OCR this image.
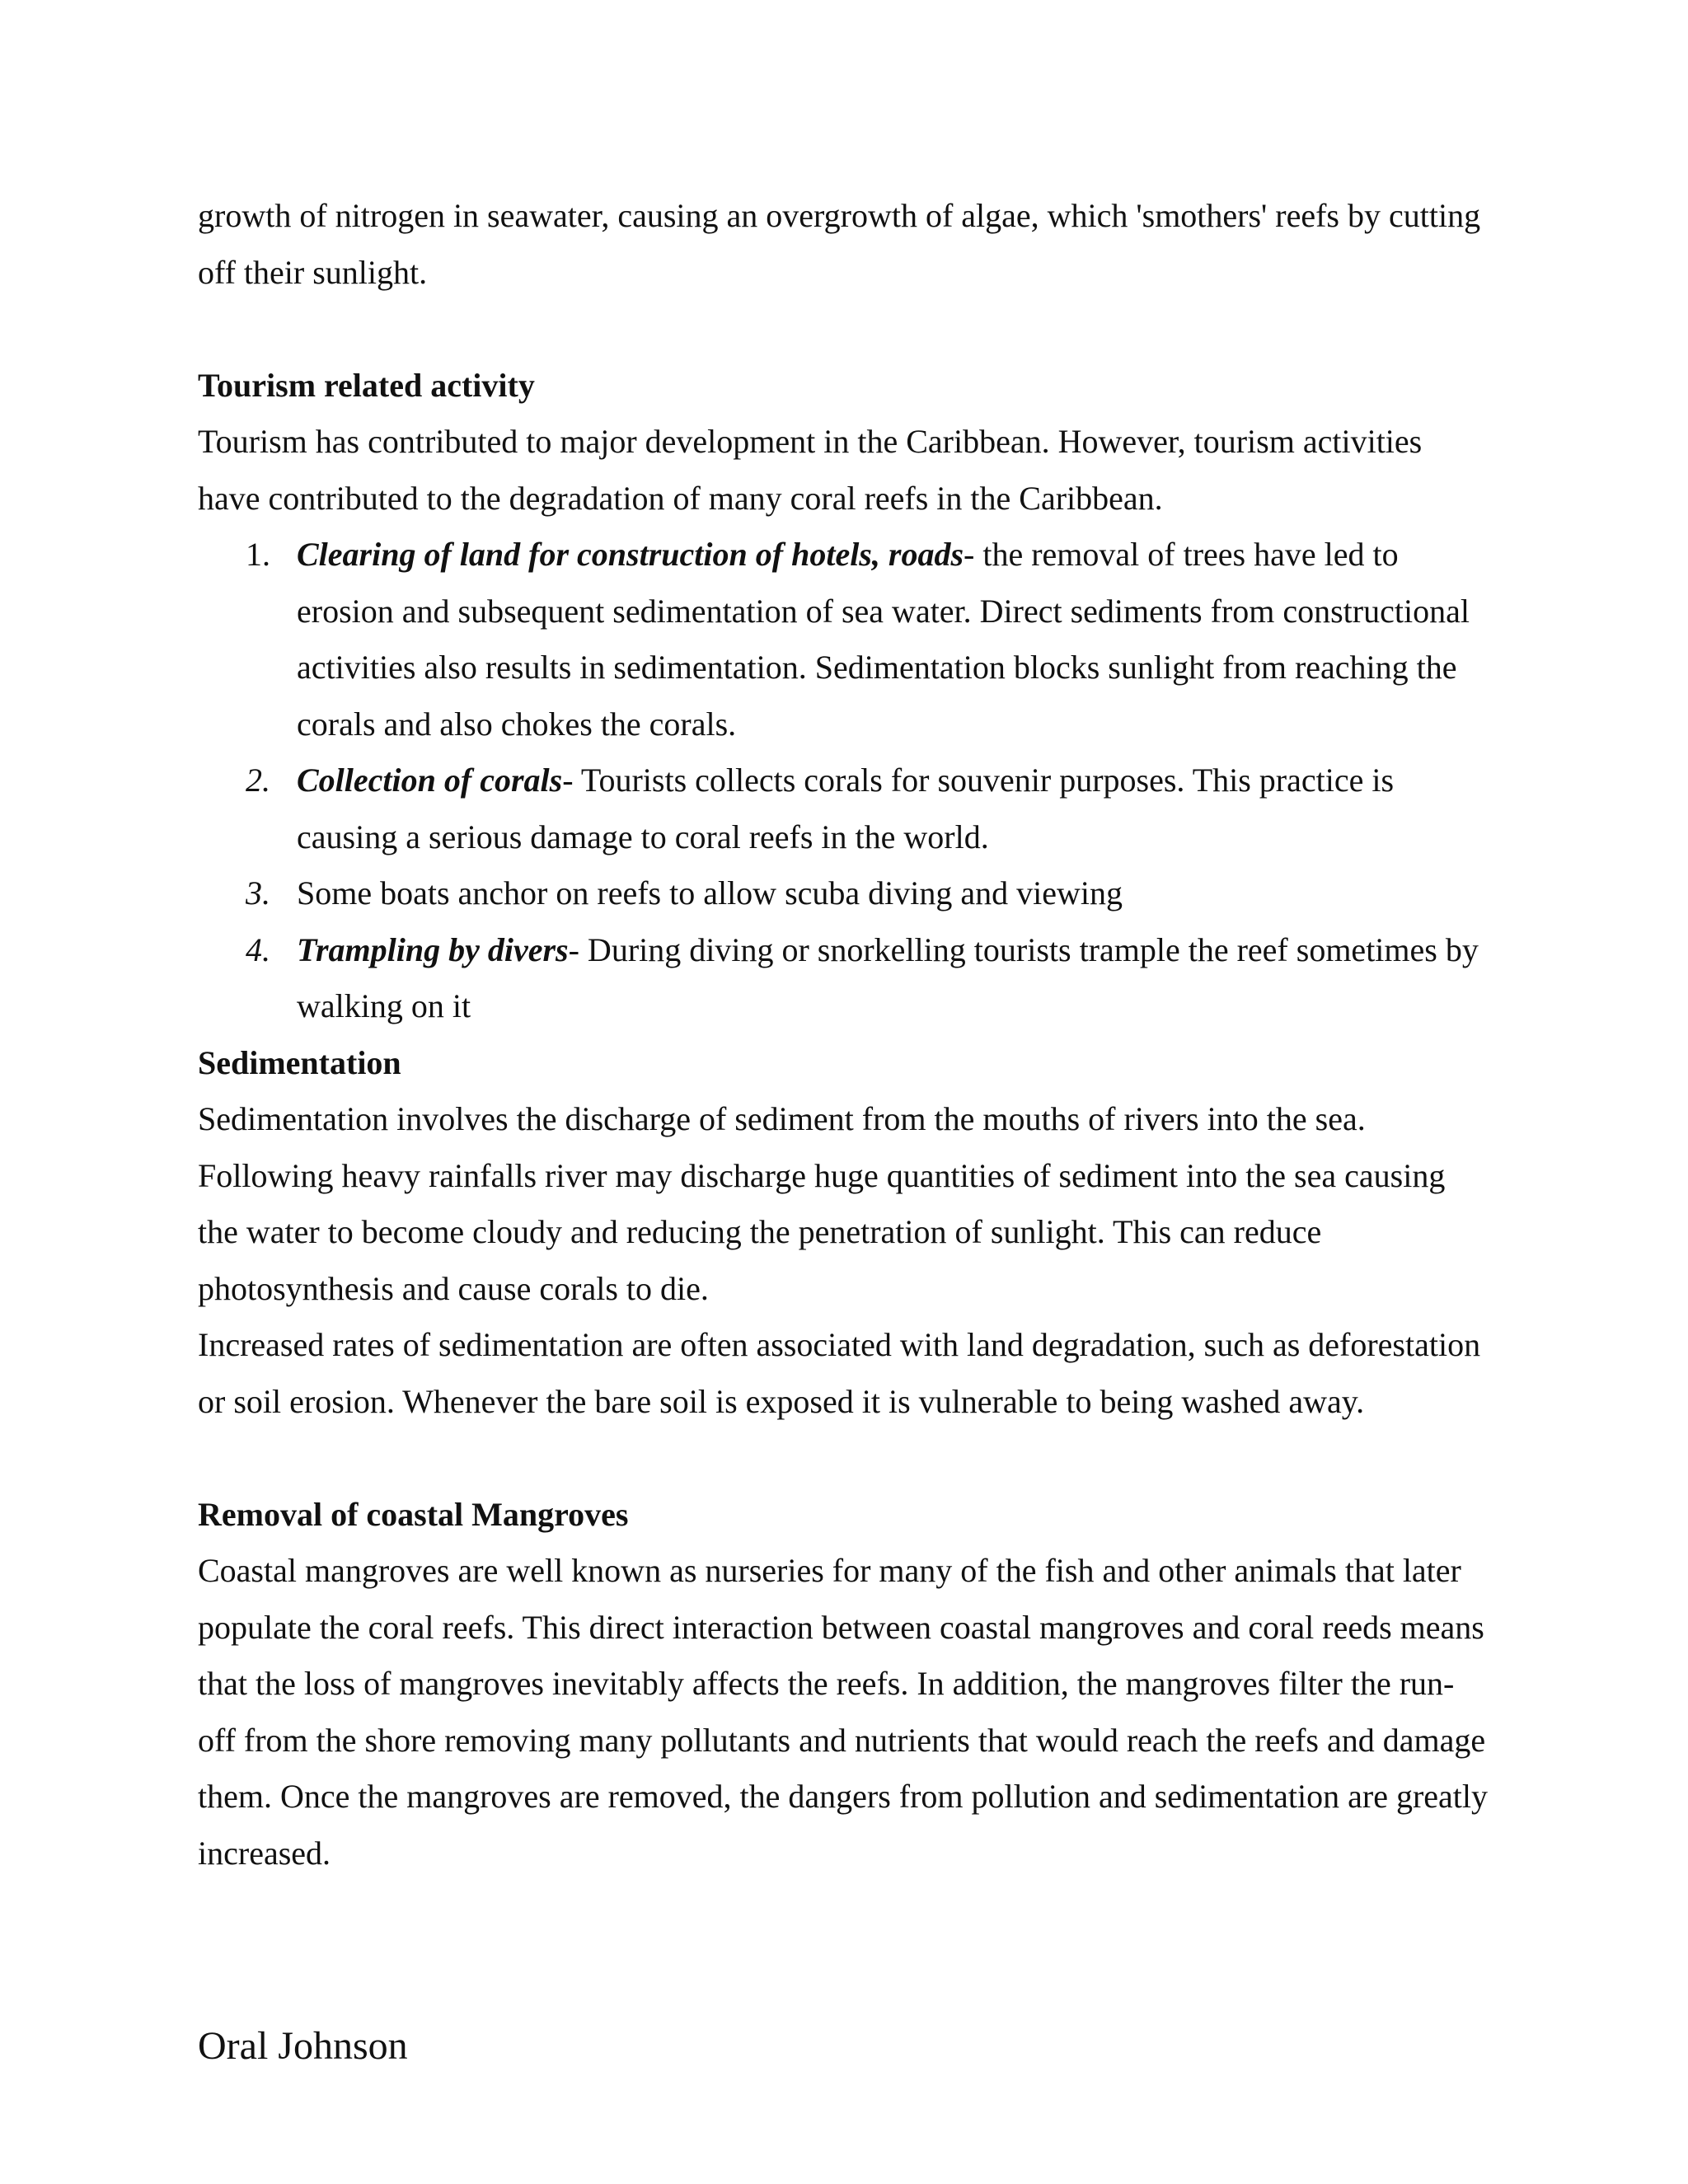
growth of nitrogen in seawater, causing an overgrowth of algae, which 'smothers' reefs by cutting off their sunlight.

Tourism related activity

Tourism has contributed to major development in the Caribbean. However, tourism activities have contributed to the degradation of many coral reefs in the Caribbean.

1. Clearing of land for construction of hotels, roads- the removal of trees have led to erosion and subsequent sedimentation of sea water. Direct sediments from constructional activities also results in sedimentation. Sedimentation blocks sunlight from reaching the corals and also chokes the corals.
2. Collection of corals- Tourists collects corals for souvenir purposes. This practice is causing a serious damage to coral reefs in the world.
3. Some boats anchor on reefs to allow scuba diving and viewing
4. Trampling by divers- During diving or snorkelling tourists trample the reef sometimes by walking on it

Sedimentation

Sedimentation involves the discharge of sediment from the mouths of rivers into the sea. Following heavy rainfalls river may discharge huge quantities of sediment into the sea causing the water to become cloudy and reducing the penetration of sunlight. This can reduce photosynthesis and cause corals to die.

Increased rates of sedimentation are often associated with land degradation, such as deforestation or soil erosion. Whenever the bare soil is exposed it is vulnerable to being washed away.

Removal of coastal Mangroves

Coastal mangroves are well known as nurseries for many of the fish and other animals that later populate the coral reefs. This direct interaction between coastal mangroves and coral reeds means that the loss of mangroves inevitably affects the reefs. In addition, the mangroves filter the run-off from the shore removing many pollutants and nutrients that would reach the reefs and damage them. Once the mangroves are removed, the dangers from pollution and sedimentation are greatly increased.

Oral Johnson
